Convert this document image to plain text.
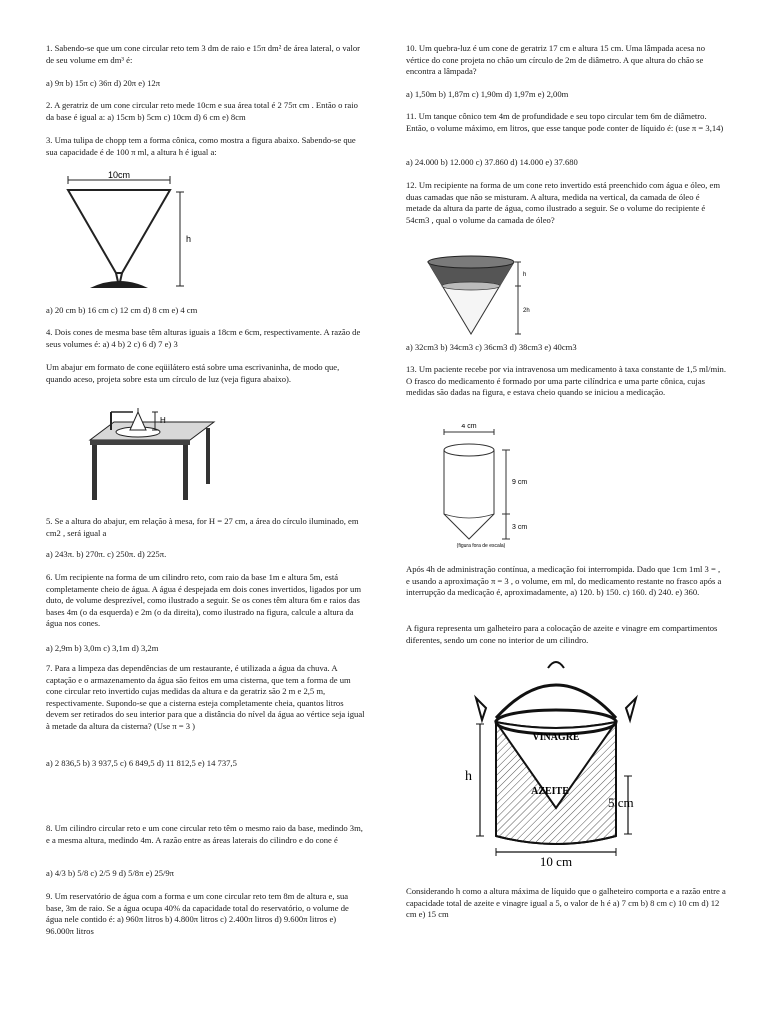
1. Sabendo-se que um cone circular reto tem 3 dm de raio e 15π dm² de área lateral, o valor de seu volume em dm³ é:

a) 9π b) 15π c) 36π d) 20π e) 12π

2. A geratriz de um cone circular reto mede 10cm e sua área total é 2 75π cm . Então o raio da base é igual a: a) 15cm b) 5cm c) 10cm d) 6 cm e) 8cm

3. Uma tulipa de chopp tem a forma cônica, como mostra a figura abaixo. Sabendo-se que sua capacidade é de 100 π ml, a altura h é igual a:

10cm
h

a) 20 cm b) 16 cm c) 12 cm d) 8 cm e) 4 cm

4. Dois cones de mesma base têm alturas iguais a 18cm e 6cm, respectivamente. A razão de seus volumes é: a) 4 b) 2 c) 6 d) 7 e) 3

Um abajur em formato de cone eqüilátero está sobre uma escrivaninha, de modo que, quando aceso, projeta sobre esta um círculo de luz (veja figura abaixo).

H

5. Se a altura do abajur, em relação à mesa, for H = 27 cm, a área do círculo iluminado, em cm2 , será igual a

a) 243π. b) 270π. c) 250π. d) 225π.

6. Um recipiente na forma de um cilindro reto, com raio da base 1m e altura 5m, está completamente cheio de água. A água é despejada em dois cones invertidos, ligados por um duto, de volume desprezível, como ilustrado a seguir. Se os cones têm altura 6m e raios das bases 4m (o da esquerda) e 2m (o da direita), como ilustrado na figura, calcule a altura da água nos cones.

a) 2,9m b) 3,0m c) 3,1m d) 3,2m

7. Para a limpeza das dependências de um restaurante, é utilizada a água da chuva. A captação e o armazenamento da água são feitos em uma cisterna, que tem a forma de um cone circular reto invertido cujas medidas da altura e da geratriz são 2 m e 2,5 m, respectivamente. Supondo-se que a cisterna esteja completamente cheia, quantos litros devem ser retirados do seu interior para que a distância do nível da água ao vértice seja igual à metade da altura da cisterna? (Use π = 3 )

a) 2 836,5 b) 3 937,5 c) 6 849,5 d) 11 812,5 e) 14 737,5

8. Um cilindro circular reto e um cone circular reto têm o mesmo raio da base, medindo 3m, e a mesma altura, medindo 4m. A razão entre as áreas laterais do cilindro e do cone é

a) 4/3 b) 5/8 c) 2/5 9 d) 5/8π e) 25/9π

9. Um reservatório de água com a forma e um cone circular reto tem 8m de altura e, sua base, 3m de raio. Se a água ocupa 40% da capacidade total do reservatório, o volume de água nele contido é: a) 960π litros b) 4.800π litros c) 2.400π litros d) 9.600π litros e) 96.000π litros

10. Um quebra-luz é um cone de geratriz 17 cm e altura 15 cm. Uma lâmpada acesa no vértice do cone projeta no chão um círculo de 2m de diâmetro. A que altura do chão se encontra a lâmpada?

a) 1,50m b) 1,87m c) 1,90m d) 1,97m e) 2,00m

11. Um tanque cônico tem 4m de profundidade e seu topo circular tem 6m de diâmetro. Então, o volume máximo, em litros, que esse tanque pode conter de líquido é: (use π = 3,14)

a) 24.000 b) 12.000 c) 37.860 d) 14.000 e) 37.680

12. Um recipiente na forma de um cone reto invertido está preenchido com água e óleo, em duas camadas que não se misturam. A altura, medida na vertical, da camada de óleo é metade da altura da parte de água, como ilustrado a seguir. Se o volume do recipiente é 54cm3 , qual o volume da camada de óleo?

h
2h

a) 32cm3 b) 34cm3 c) 36cm3 d) 38cm3 e) 40cm3

13. Um paciente recebe por via intravenosa um medicamento à taxa constante de 1,5 ml/min. O frasco do medicamento é formado por uma parte cilíndrica e uma parte cônica, cujas medidas são dadas na figura, e estava cheio quando se iniciou a medicação.

4 cm
9 cm
3 cm
(figura fora de escala)

Após 4h de administração contínua, a medicação foi interrompida. Dado que 1cm 1ml 3 = , e usando a aproximação π = 3 , o volume, em ml, do medicamento restante no frasco após a interrupção da medicação é, aproximadamente, a) 120. b) 150. c) 160. d) 240. e) 360.

A figura representa um galheteiro para a colocação de azeite e vinagre em compartimentos diferentes, sendo um cone no interior de um cilindro.

VINAGRE
AZEITE
h
5 cm
10 cm

Considerando h como a altura máxima de líquido que o galheteiro comporta e a razão entre a capacidade total de azeite e vinagre igual a 5, o valor de h é a) 7 cm b) 8 cm c) 10 cm d) 12 cm e) 15 cm
